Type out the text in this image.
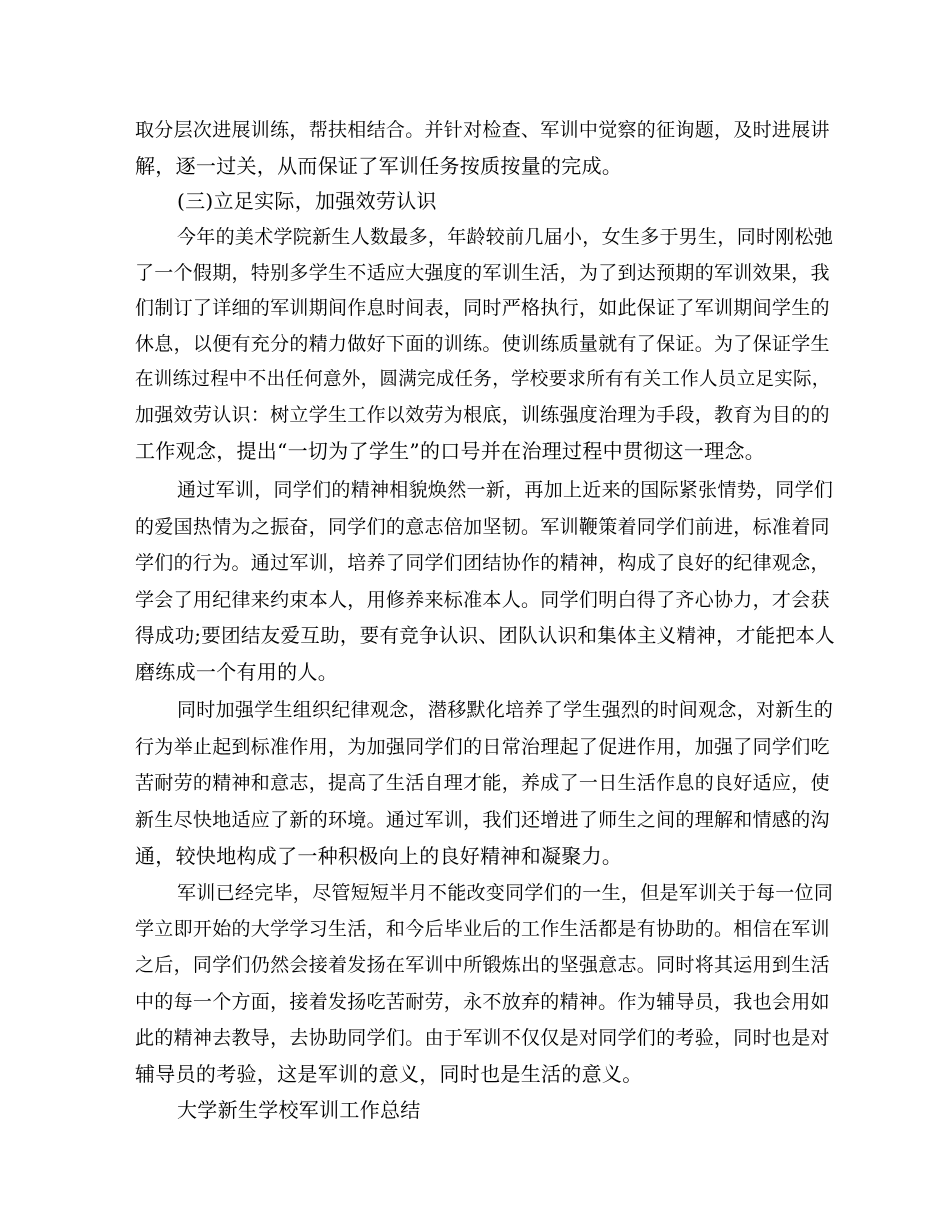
取分层次进展训练，帮扶相结合。并针对检查、军训中觉察的征询题，及时进展讲
解，逐一过关，从而保证了军训任务按质按量的完成。
(三)立足实际，加强效劳认识
今年的美术学院新生人数最多，年龄较前几届小，女生多于男生，同时刚松弛
了一个假期，特别多学生不适应大强度的军训生活，为了到达预期的军训效果，我
们制订了详细的军训期间作息时间表，同时严格执行，如此保证了军训期间学生的
休息，以便有充分的精力做好下面的训练。使训练质量就有了保证。为了保证学生
在训练过程中不出任何意外，圆满完成任务，学校要求所有有关工作人员立足实际，
加强效劳认识：树立学生工作以效劳为根底，训练强度治理为手段，教育为目的的
工作观念，提出“一切为了学生”的口号并在治理过程中贯彻这一理念。
通过军训，同学们的精神相貌焕然一新，再加上近来的国际紧张情势，同学们
的爱国热情为之振奋，同学们的意志倍加坚韧。军训鞭策着同学们前进，标准着同
学们的行为。通过军训，培养了同学们团结协作的精神，构成了良好的纪律观念，
学会了用纪律来约束本人，用修养来标准本人。同学们明白得了齐心协力，才会获
得成功;要团结友爱互助，要有竞争认识、团队认识和集体主义精神，才能把本人
磨练成一个有用的人。
同时加强学生组织纪律观念，潜移默化培养了学生强烈的时间观念，对新生的
行为举止起到标准作用，为加强同学们的日常治理起了促进作用，加强了同学们吃
苦耐劳的精神和意志，提高了生活自理才能，养成了一日生活作息的良好适应，使
新生尽快地适应了新的环境。通过军训，我们还增进了师生之间的理解和情感的沟
通，较快地构成了一种积极向上的良好精神和凝聚力。
军训已经完毕，尽管短短半月不能改变同学们的一生，但是军训关于每一位同
学立即开始的大学学习生活，和今后毕业后的工作生活都是有协助的。相信在军训
之后，同学们仍然会接着发扬在军训中所锻炼出的坚强意志。同时将其运用到生活
中的每一个方面，接着发扬吃苦耐劳，永不放弃的精神。作为辅导员，我也会用如
此的精神去教导，去协助同学们。由于军训不仅仅是对同学们的考验，同时也是对
辅导员的考验，这是军训的意义，同时也是生活的意义。
大学新生学校军训工作总结
